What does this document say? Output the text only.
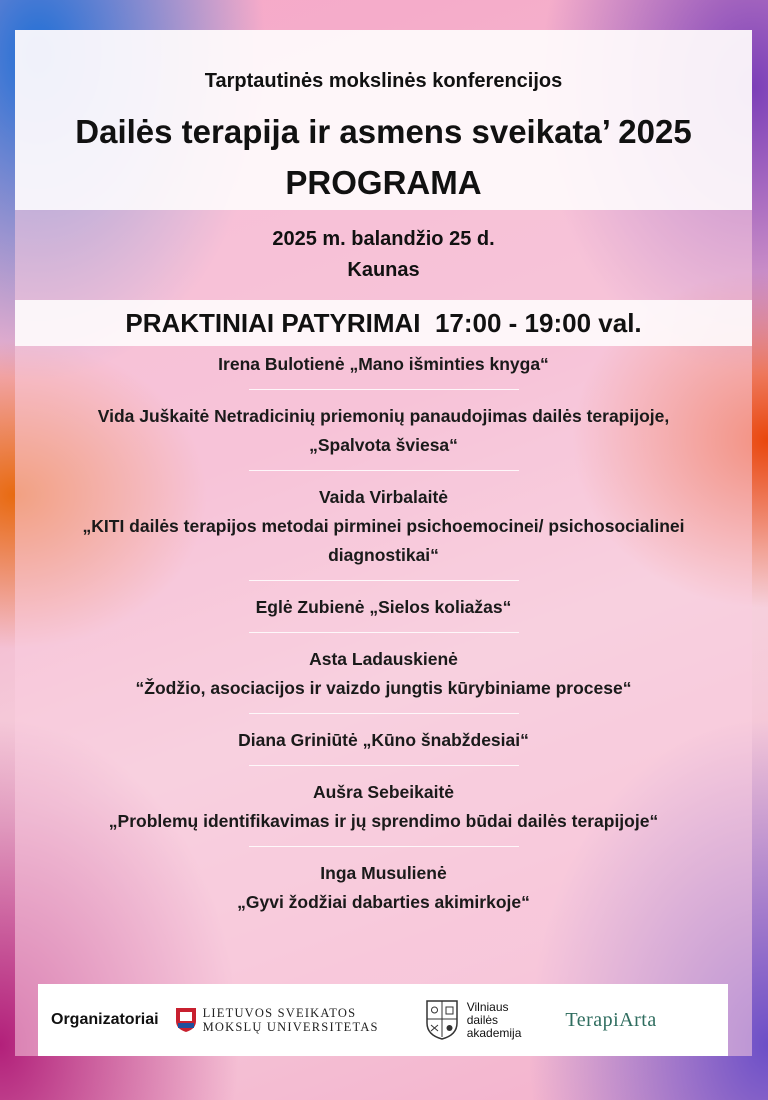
Tarptautinės mokslinės konferencijos
Dailės terapija ir asmens sveikata’ 2025
PROGRAMA
2025 m. balandžio 25 d.
Kaunas
PRAKTINIAI PATYRIMAI  17:00 - 19:00 val.
Irena Bulotienė „Mano išminties knyga“
Vida Juškaitė Netradicinių priemonių panaudojimas dailės terapijoje,
„Spalvota šviesa“
Vaida Virbalaitė
„KITI dailės terapijos metodai pirminei psichoemocinei/ psichosocialinei
diagnostikai“
Eglė Zubienė „Sielos koliažas“
Asta Ladauskienė
“Žodžio, asociacijos ir vaizdo jungtis kūrybiniame procese“
Diana Griniūtė „Kūno šnabždesiai“
Aušra Sebeikaitė
„Problemų identifikavimas ir jų sprendimo būdai dailės terapijoje“
Inga Musulienė
„Gyvi žodžiai dabarties akimirkoje“
Organizatoriai	LIETUVOS SVEIKATOS
MOKSLŲ UNIVERSITETAS
Vilniaus
dailės
akademija
TerapiArta
